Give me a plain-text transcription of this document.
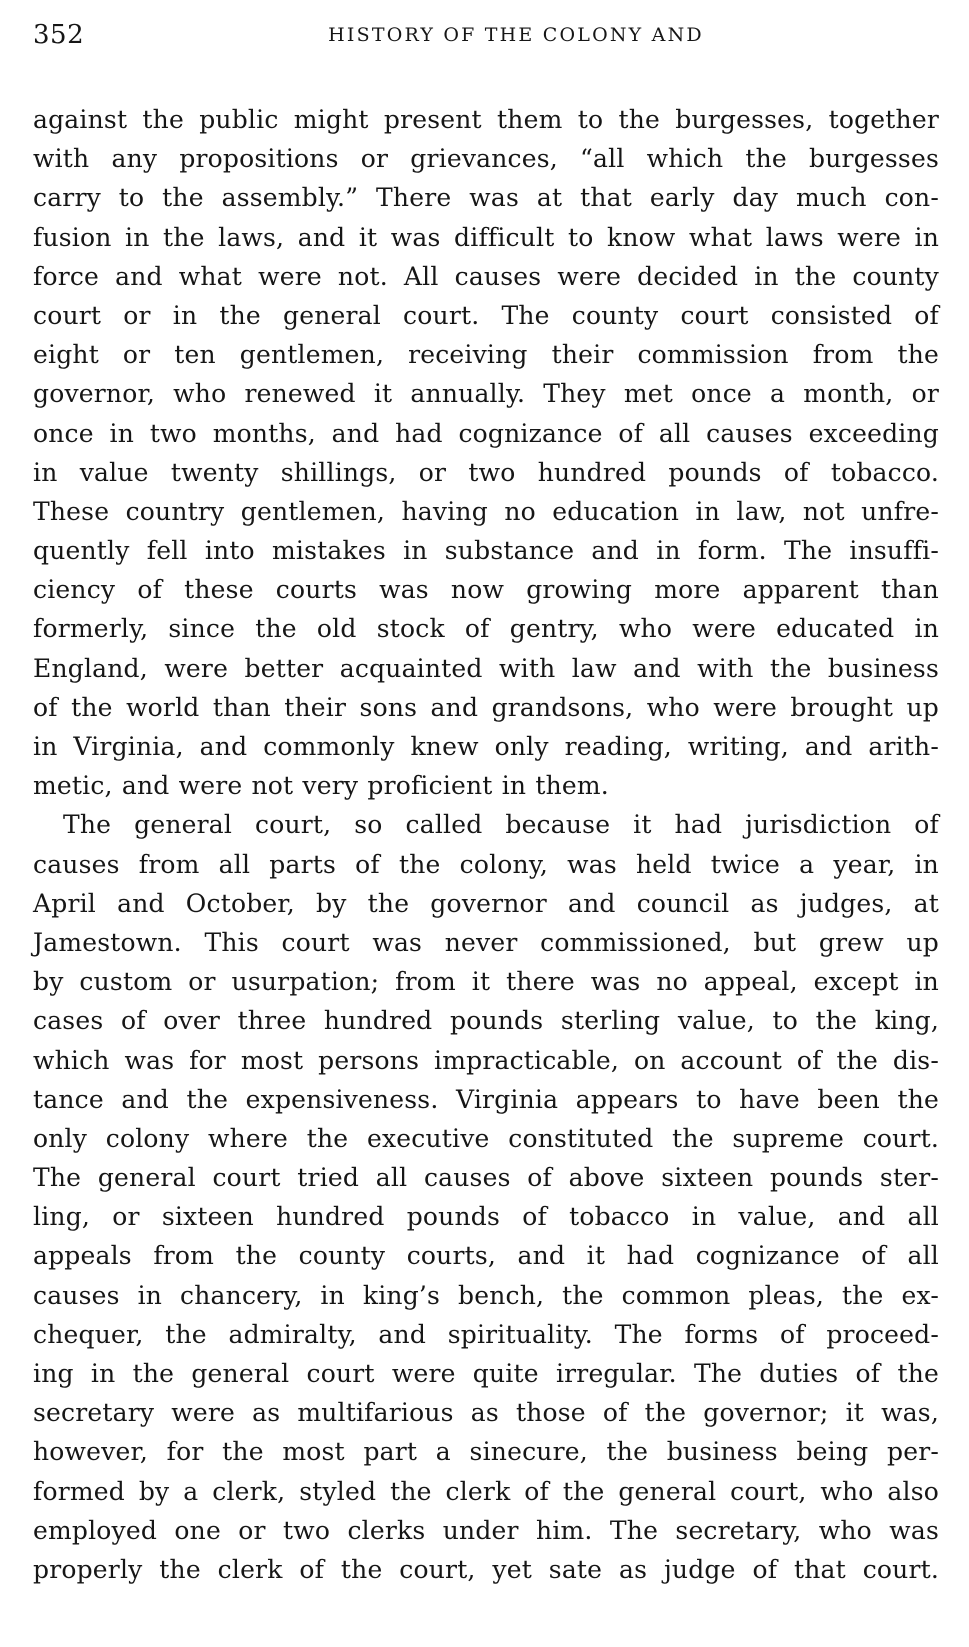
352	HISTORY OF THE COLONY AND
against the public might present them to the burgesses, together
with any propositions or grievances, “all which the burgesses
carry to the assembly.” There was at that early day much con-
fusion in the laws, and it was difficult to know what laws were in
force and what were not. All causes were decided in the county
court or in the general court. The county court consisted of
eight or ten gentlemen, receiving their commission from the
governor, who renewed it annually. They met once a month, or
once in two months, and had cognizance of all causes exceeding
in value twenty shillings, or two hundred pounds of tobacco.
These country gentlemen, having no education in law, not unfre-
quently fell into mistakes in substance and in form. The insuffi-
ciency of these courts was now growing more apparent than
formerly, since the old stock of gentry, who were educated in
England, were better acquainted with law and with the business
of the world than their sons and grandsons, who were brought up
in Virginia, and commonly knew only reading, writing, and arith-
metic, and were not very proficient in them.
The general court, so called because it had jurisdiction of
causes from all parts of the colony, was held twice a year, in
April and October, by the governor and council as judges, at
Jamestown. This court was never commissioned, but grew up
by custom or usurpation; from it there was no appeal, except in
cases of over three hundred pounds sterling value, to the king,
which was for most persons impracticable, on account of the dis-
tance and the expensiveness. Virginia appears to have been the
only colony where the executive constituted the supreme court.
The general court tried all causes of above sixteen pounds ster-
ling, or sixteen hundred pounds of tobacco in value, and all
appeals from the county courts, and it had cognizance of all
causes in chancery, in king’s bench, the common pleas, the ex-
chequer, the admiralty, and spirituality. The forms of proceed-
ing in the general court were quite irregular. The duties of the
secretary were as multifarious as those of the governor; it was,
however, for the most part a sinecure, the business being per-
formed by a clerk, styled the clerk of the general court, who also
employed one or two clerks under him. The secretary, who was
properly the clerk of the court, yet sate as judge of that court.
